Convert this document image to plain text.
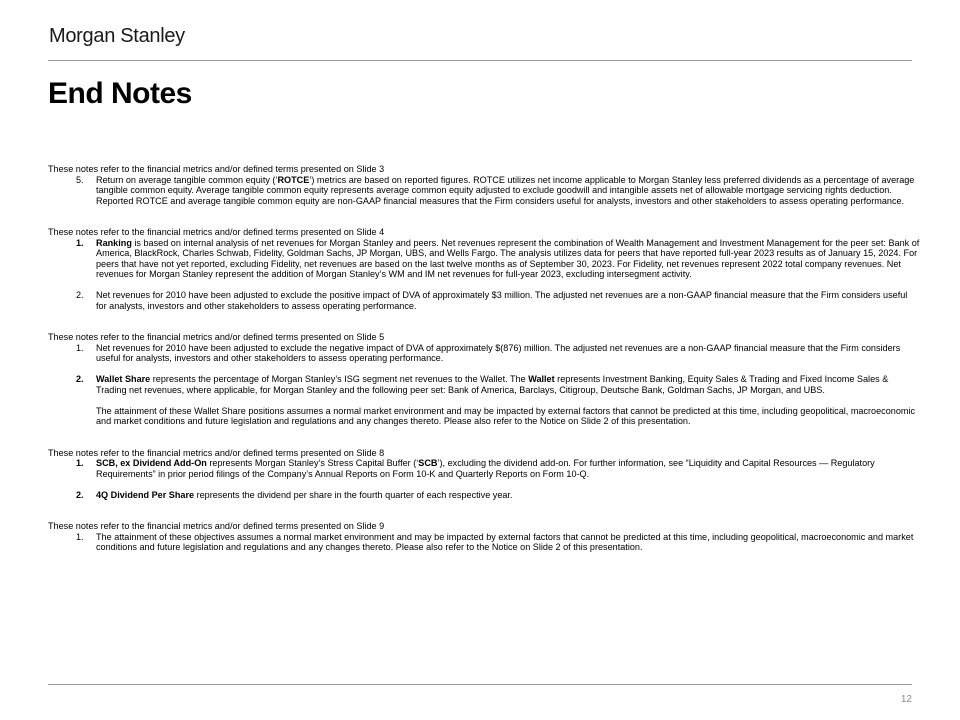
Morgan Stanley
End Notes

These notes refer to the financial metrics and/or defined terms presented on Slide 3

5.	Return on average tangible common equity (‘ROTCE’) metrics are based on reported figures. ROTCE utilizes net income applicable to Morgan Stanley less preferred dividends as a percentage of average tangible common equity. Average tangible common equity represents average common equity adjusted to exclude goodwill and intangible assets net of allowable mortgage servicing rights deduction. Reported ROTCE and average tangible common equity are non-GAAP financial measures that the Firm considers useful for analysts, investors and other stakeholders to assess operating performance.

These notes refer to the financial metrics and/or defined terms presented on Slide 4

1.	Ranking is based on internal analysis of net revenues for Morgan Stanley and peers. Net revenues represent the combination of Wealth Management and Investment Management for the peer set: Bank of America, BlackRock, Charles Schwab, Fidelity, Goldman Sachs, JP Morgan, UBS, and Wells Fargo. The analysis utilizes data for peers that have reported full-year 2023 results as of January 15, 2024. For peers that have not yet reported, excluding Fidelity, net revenues are based on the last twelve months as of September 30, 2023. For Fidelity, net revenues represent 2022 total company revenues. Net revenues for Morgan Stanley represent the addition of Morgan Stanley’s WM and IM net revenues for full-year 2023, excluding intersegment activity.
2.	Net revenues for 2010 have been adjusted to exclude the positive impact of DVA of approximately $3 million. The adjusted net revenues are a non-GAAP financial measure that the Firm considers useful for analysts, investors and other stakeholders to assess operating performance.

These notes refer to the financial metrics and/or defined terms presented on Slide 5

1.	Net revenues for 2010 have been adjusted to exclude the negative impact of DVA of approximately $(876) million. The adjusted net revenues are a non-GAAP financial measure that the Firm considers useful for analysts, investors and other stakeholders to assess operating performance.
2.	Wallet Share represents the percentage of Morgan Stanley’s ISG segment net revenues to the Wallet. The Wallet represents Investment Banking, Equity Sales & Trading and Fixed Income Sales & Trading net revenues, where applicable, for Morgan Stanley and the following peer set: Bank of America, Barclays, Citigroup, Deutsche Bank, Goldman Sachs, JP Morgan, and UBS.
The attainment of these Wallet Share positions assumes a normal market environment and may be impacted by external factors that cannot be predicted at this time, including geopolitical, macroeconomic and market conditions and future legislation and regulations and any changes thereto. Please also refer to the Notice on Slide 2 of this presentation.

These notes refer to the financial metrics and/or defined terms presented on Slide 8

1.	SCB, ex Dividend Add-On represents Morgan Stanley’s Stress Capital Buffer (‘SCB’), excluding the dividend add-on. For further information, see “Liquidity and Capital Resources — Regulatory Requirements” in prior period filings of the Company’s Annual Reports on Form 10-K and Quarterly Reports on Form 10-Q.
2.	4Q Dividend Per Share represents the dividend per share in the fourth quarter of each respective year.

These notes refer to the financial metrics and/or defined terms presented on Slide 9

1.	The attainment of these objectives assumes a normal market environment and may be impacted by external factors that cannot be predicted at this time, including geopolitical, macroeconomic and market conditions and future legislation and regulations and any changes thereto. Please also refer to the Notice on Slide 2 of this presentation.
12
